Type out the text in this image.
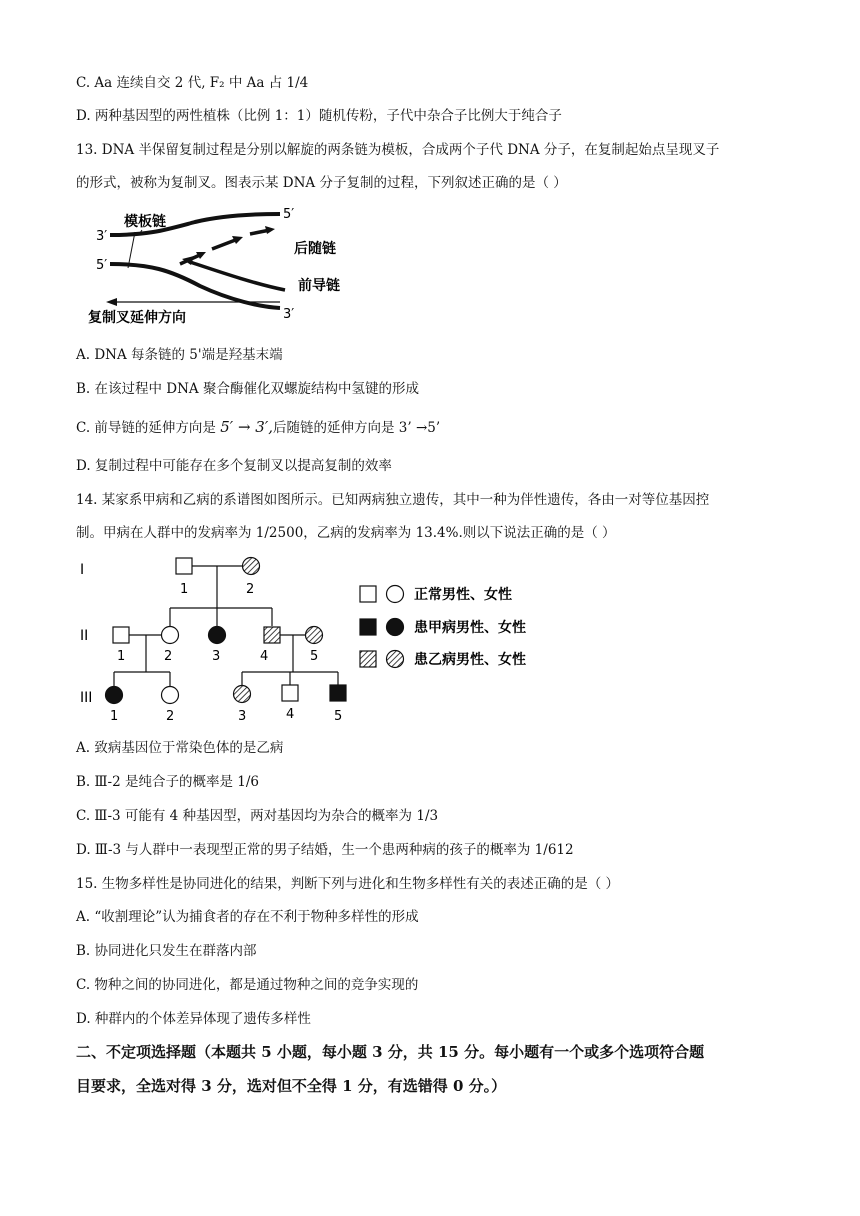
C. Aa 连续自交 2 代, F₂ 中 Aa 占 1/4
D. 两种基因型的两性植株（比例 1：1）随机传粉，子代中杂合子比例大于纯合子
13. DNA 半保留复制过程是分别以解旋的两条链为模板，合成两个子代 DNA 分子，在复制起始点呈现叉子
的形式，被称为复制叉。图表示某 DNA 分子复制的过程，下列叙述正确的是（ ）
模板链	5′
3′
后随链
5′
前导链
复制叉延伸方向	3′
A. DNA 每条链的 5'端是羟基末端
B. 在该过程中 DNA 聚合酶催化双螺旋结构中氢键的形成
C. 前导链的延伸方向是 5′ → 3′,后随链的延伸方向是 3’ →5’
D. 复制过程中可能存在多个复制叉以提高复制的效率
14. 某家系甲病和乙病的系谱图如图所示。已知两病独立遗传，其中一种为伴性遗传，各由一对等位基因控
制。甲病在人群中的发病率为 1/2500，乙病的发病率为 13.4%.则以下说法正确的是（ ）
I
II
III
1	2
1	2	3	4	5
1	2	3	4	5
正常男性、女性
患甲病男性、女性
患乙病男性、女性
A. 致病基因位于常染色体的是乙病
B. Ⅲ-2 是纯合子的概率是 1/6
C. Ⅲ-3 可能有 4 种基因型，两对基因均为杂合的概率为 1/3
D. Ⅲ-3 与人群中一表现型正常的男子结婚，生一个患两种病的孩子的概率为 1/612
15. 生物多样性是协同进化的结果，判断下列与进化和生物多样性有关的表述正确的是（ ）
A. “收割理论”认为捕食者的存在不利于物种多样性的形成
B. 协同进化只发生在群落内部
C. 物种之间的协同进化，都是通过物种之间的竞争实现的
D. 种群内的个体差异体现了遗传多样性
二、不定项选择题（本题共 5 小题，每小题 3 分，共 15 分。每小题有一个或多个选项符合题
目要求，全选对得 3 分，选对但不全得 1 分，有选错得 0 分。）
